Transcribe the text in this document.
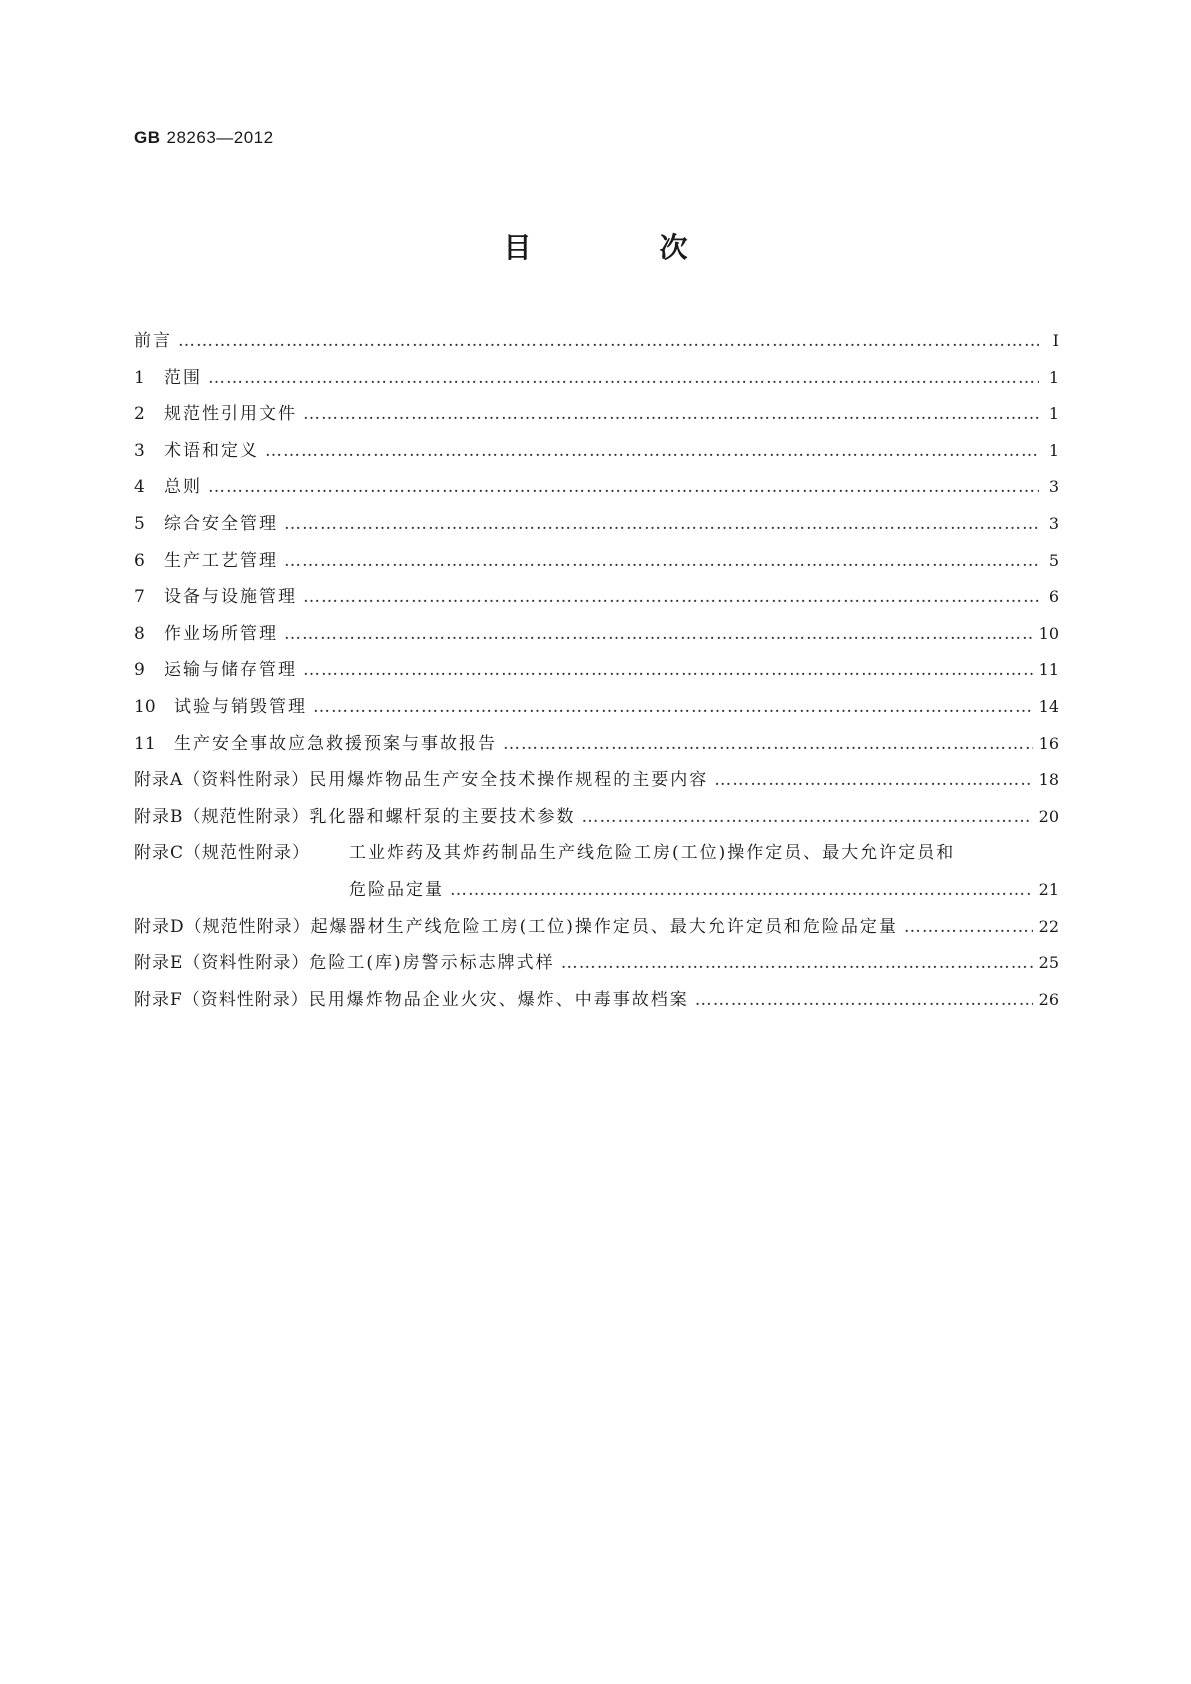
GB 28263—2012
目　次
前言 …………………………………………………………………………………………………………………………………………………………………………………………	Ⅰ
1	范围 …………………………………………………………………………………………………………………………………………………………………………………………	1
2	规范性引用文件 …………………………………………………………………………………………………………………………………………………………………………………………	1
3	术语和定义 …………………………………………………………………………………………………………………………………………………………………………………………	1
4	总则 …………………………………………………………………………………………………………………………………………………………………………………………	3
5	综合安全管理 …………………………………………………………………………………………………………………………………………………………………………………………	3
6	生产工艺管理 …………………………………………………………………………………………………………………………………………………………………………………………	5
7	设备与设施管理 …………………………………………………………………………………………………………………………………………………………………………………………	6
8	作业场所管理 …………………………………………………………………………………………………………………………………………………………………………………………	10
9	运输与储存管理 …………………………………………………………………………………………………………………………………………………………………………………………	11
10	试验与销毁管理 …………………………………………………………………………………………………………………………………………………………………………………………	14
11	生产安全事故应急救援预案与事故报告 …………………………………………………………………………………………………………………………………………………………………………………………	16
附录A（资料性附录） 民用爆炸物品生产安全技术操作规程的主要内容 …………………………………………………………………………………………………………………………………………………………………………………………	18
附录B（规范性附录） 乳化器和螺杆泵的主要技术参数 …………………………………………………………………………………………………………………………………………………………………………………………	20
附录C（规范性附录）	工业炸药及其炸药制品生产线危险工房(工位)操作定员、最大允许定员和
危险品定量 …………………………………………………………………………………………………………………………………………………………………………………………	21
附录D（规范性附录） 起爆器材生产线危险工房(工位)操作定员、最大允许定员和危险品定量 …………………………………………………………………………………………………………………………………………………………………………………………	22
附录E（资料性附录） 危险工(库)房警示标志牌式样 …………………………………………………………………………………………………………………………………………………………………………………………	25
附录F（资料性附录） 民用爆炸物品企业火灾、爆炸、中毒事故档案 …………………………………………………………………………………………………………………………………………………………………………………………	26
